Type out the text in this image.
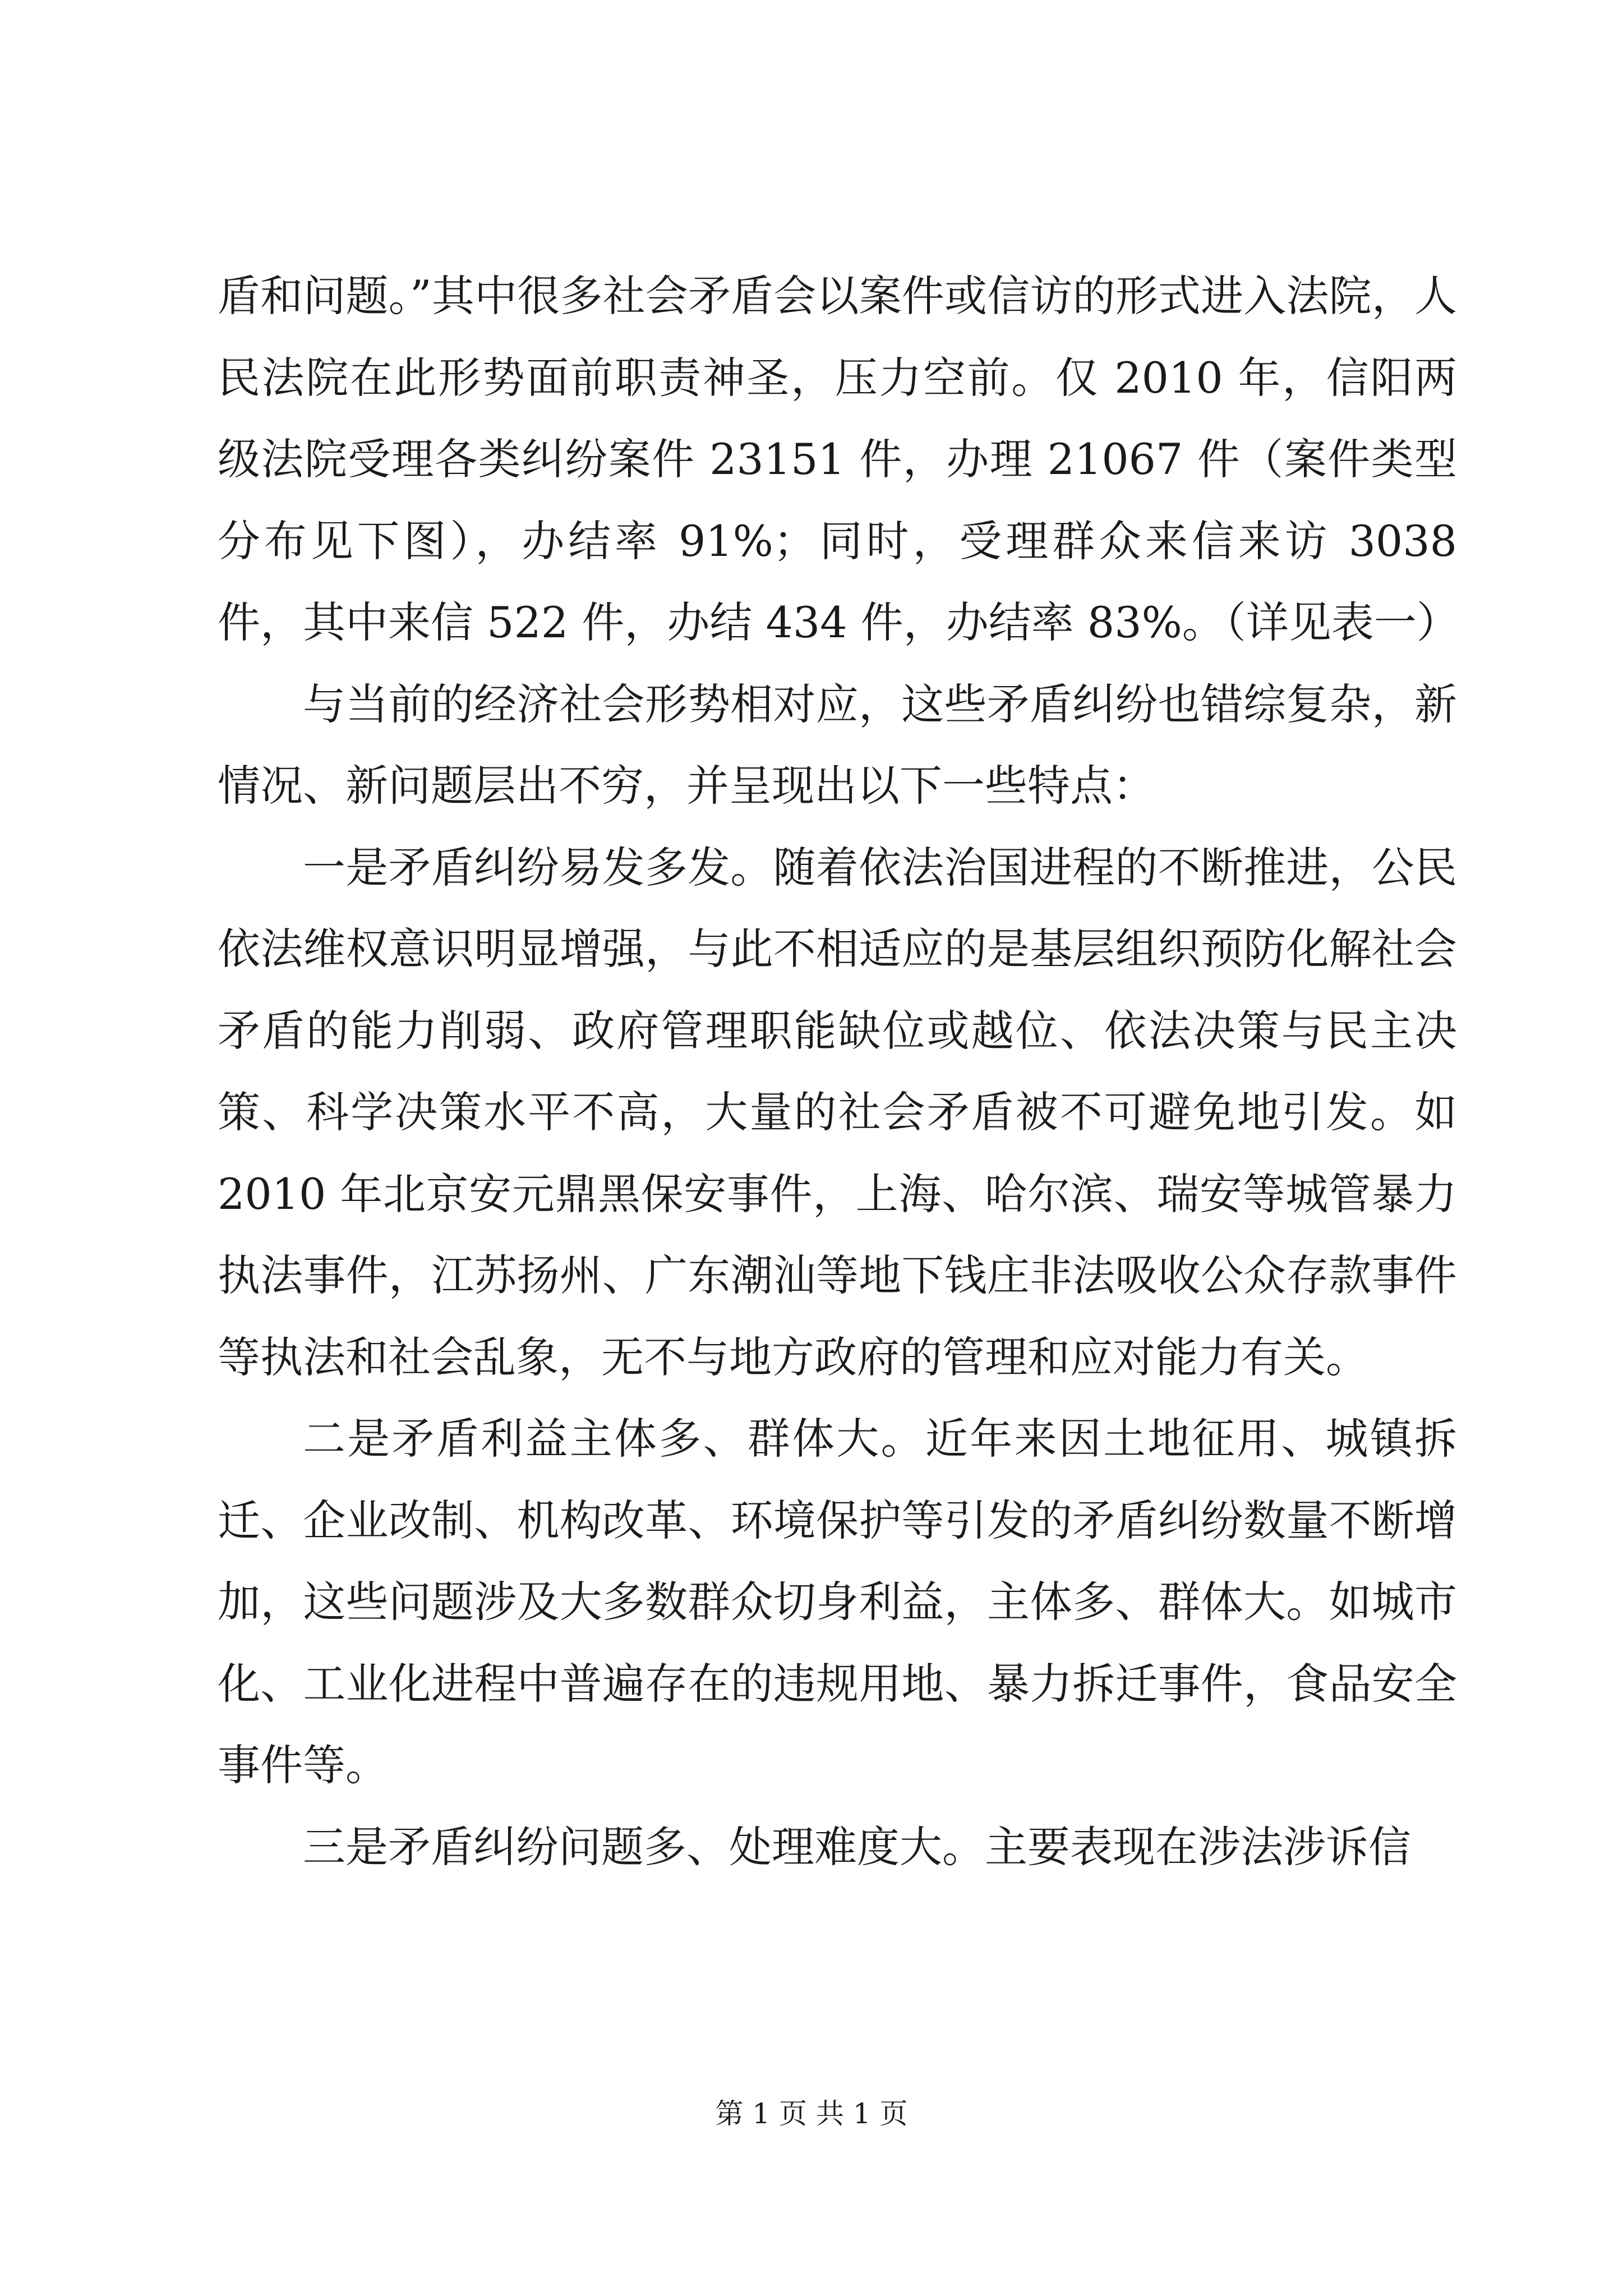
盾和问题。”其中很多社会矛盾会以案件或信访的形式进入法院，人民法院在此形势面前职责神圣，压力空前。仅 2010 年，信阳两级法院受理各类纠纷案件 23151 件，办理 21067 件（案件类型分布见下图），办结率 91%；同时，受理群众来信来访 3038 件，其中来信 522 件，办结 434 件，办结率 83%。（详见表一）

与当前的经济社会形势相对应，这些矛盾纠纷也错综复杂，新情况、新问题层出不穷，并呈现出以下一些特点：

一是矛盾纠纷易发多发。随着依法治国进程的不断推进，公民依法维权意识明显增强，与此不相适应的是基层组织预防化解社会矛盾的能力削弱、政府管理职能缺位或越位、依法决策与民主决策、科学决策水平不高，大量的社会矛盾被不可避免地引发。如 2010 年北京安元鼎黑保安事件，上海、哈尔滨、瑞安等城管暴力执法事件，江苏扬州、广东潮汕等地下钱庄非法吸收公众存款事件等执法和社会乱象，无不与地方政府的管理和应对能力有关。

二是矛盾利益主体多、群体大。近年来因土地征用、城镇拆迁、企业改制、机构改革、环境保护等引发的矛盾纠纷数量不断增加，这些问题涉及大多数群众切身利益，主体多、群体大。如城市化、工业化进程中普遍存在的违规用地、暴力拆迁事件，食品安全事件等。

三是矛盾纠纷问题多、处理难度大。主要表现在涉法涉诉信

第 1 页 共 1 页
